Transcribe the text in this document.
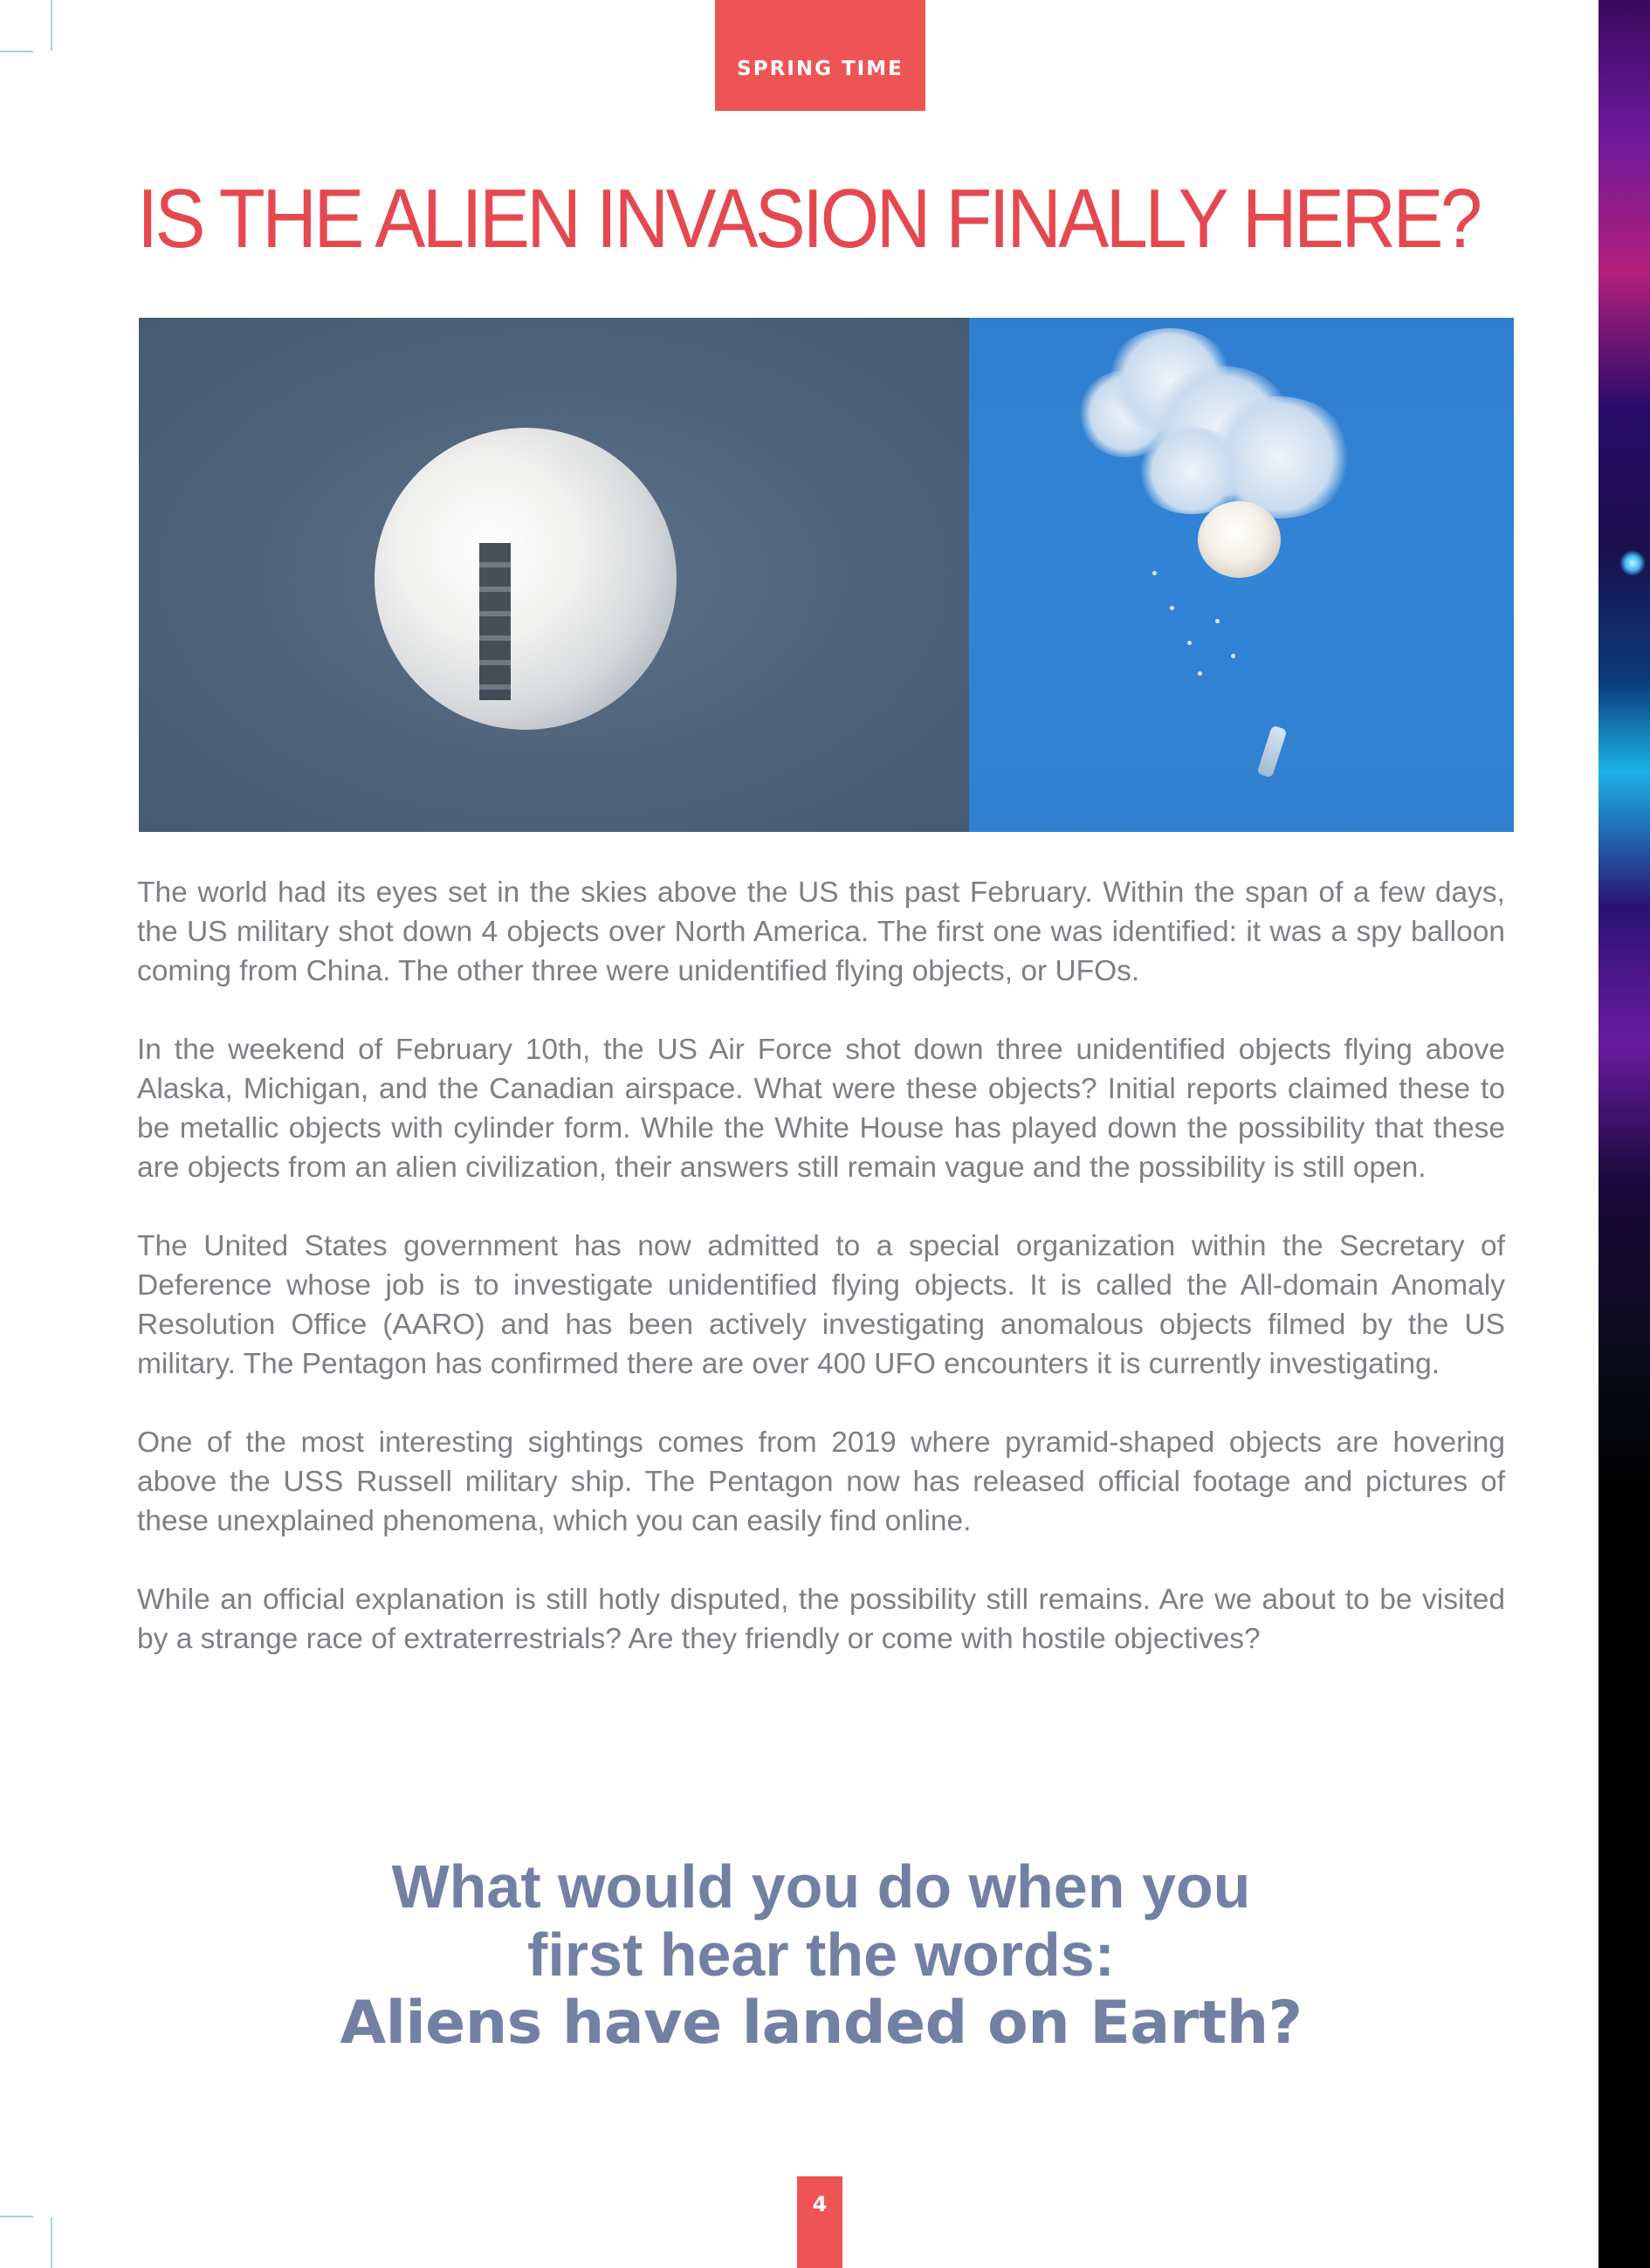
SPRING TIME
IS THE ALIEN INVASION FINALLY HERE?

The world had its eyes set in the skies above the US this past February. Within the span of a few days, the US military shot down 4 objects over North America. The first one was identified: it was a spy balloon coming from China. The other three were unidentified flying objects, or UFOs.

In the weekend of February 10th, the US Air Force shot down three unidentified objects flying above Alaska, Michigan, and the Canadian airspace. What were these objects? Initial reports claimed these to be metallic objects with cylinder form. While the White House has played down the possibility that these are objects from an alien civilization, their answers still remain vague and the possibility is still open.

The United States government has now admitted to a special organization within the Secretary of Deference whose job is to investigate unidentified flying objects. It is called the All-domain Anomaly Resolution Office (AARO) and has been actively investigating anomalous objects filmed by the US military. The Pentagon has confirmed there are over 400 UFO encounters it is currently investigating.

One of the most interesting sightings comes from 2019 where pyramid-shaped objects are hovering above the USS Russell military ship. The Pentagon now has released official footage and pictures of these unexplained phenomena, which you can easily find online.

While an official explanation is still hotly disputed, the possibility still remains. Are we about to be visited by a strange race of extraterrestrials? Are they friendly or come with hostile objectives?

What would you do when you
first hear the words:
Aliens have landed on Earth?
4
